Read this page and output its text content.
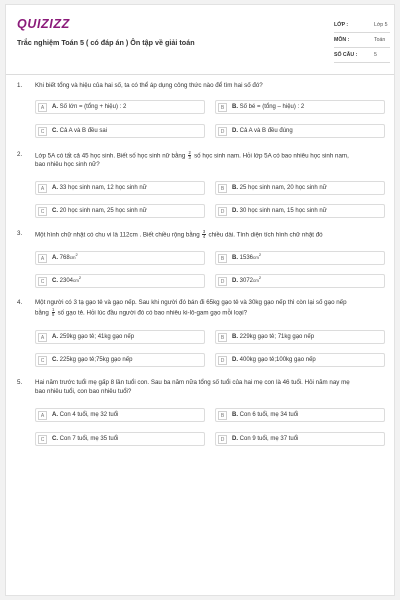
QUIZIZZ
Trắc nghiệm Toán 5 ( có đáp án ) Ôn tập về giải toán
LỚP :	Lớp 5
MÔN :	Toán
SỐ CÂU :	5
1. Khi biết tổng và hiệu của hai số, ta có thể áp dụng công thức nào để tìm hai số đó?
A	A. Số lớn = (tổng + hiệu) : 2	B	B. Số bé = (tổng – hiệu) : 2
C	C. Cả A và B đều sai	D	D. Cả A và B đều đúng
2. Lớp 5A có tất cả 45 học sinh. Biết số học sinh nữ bằng $\frac{2}{3}$ số học sinh nam. Hỏi lớp 5A có bao nhiêu học sinh nam,
bao nhiêu học sinh nữ?
A	A. 33 học sinh nam, 12 học sinh nữ	B	B. 25 học sinh nam, 20 học sinh nữ
C	C. 20 học sinh nam, 25 học sinh nữ	D	D. 30 học sinh nam, 15 học sinh nữ
3. Một hình chữ nhật có chu vi là 112cm . Biết chiều rộng bằng $\frac{3}{4}$ chiều dài. Tính diện tích hình chữ nhật đó
A	A. $768cm^2$
B	B. $1536cm^2$
C	C. $2304cm^2$
D	D. $3072cm^2$
4. Một người có 3 tạ gạo tẻ và gạo nếp. Sau khi người đó bán đi 65kg gạo tẻ và 30kg gạo nếp thì còn lại số gạo nếp
bằng $\frac{1}{5}$ số gạo tẻ. Hỏi lúc đầu người đó có bao nhiêu ki-lô-gam gạo mỗi loại?
A	A. 259kg gạo tẻ; 41kg gạo nếp	B	B. 229kg gạo tẻ; 71kg gạo nếp
C	C. 225kg gạo tẻ;75kg gạo nếp	D	D. 400kg gạo tẻ;100kg gạo nếp
5. Hai năm trước tuổi mẹ gấp 8 lần tuổi con. Sau ba năm nữa tổng số tuổi của hai mẹ con là 46 tuổi. Hỏi năm nay mẹ
bao nhiêu tuổi, con bao nhiêu tuổi?
A	A. Con 4 tuổi, mẹ 32 tuổi	B	B. Con 6 tuổi, mẹ 34 tuổi
C	C. Con 7 tuổi, mẹ 35 tuổi	D	D. Con 9 tuổi, mẹ 37 tuổi
